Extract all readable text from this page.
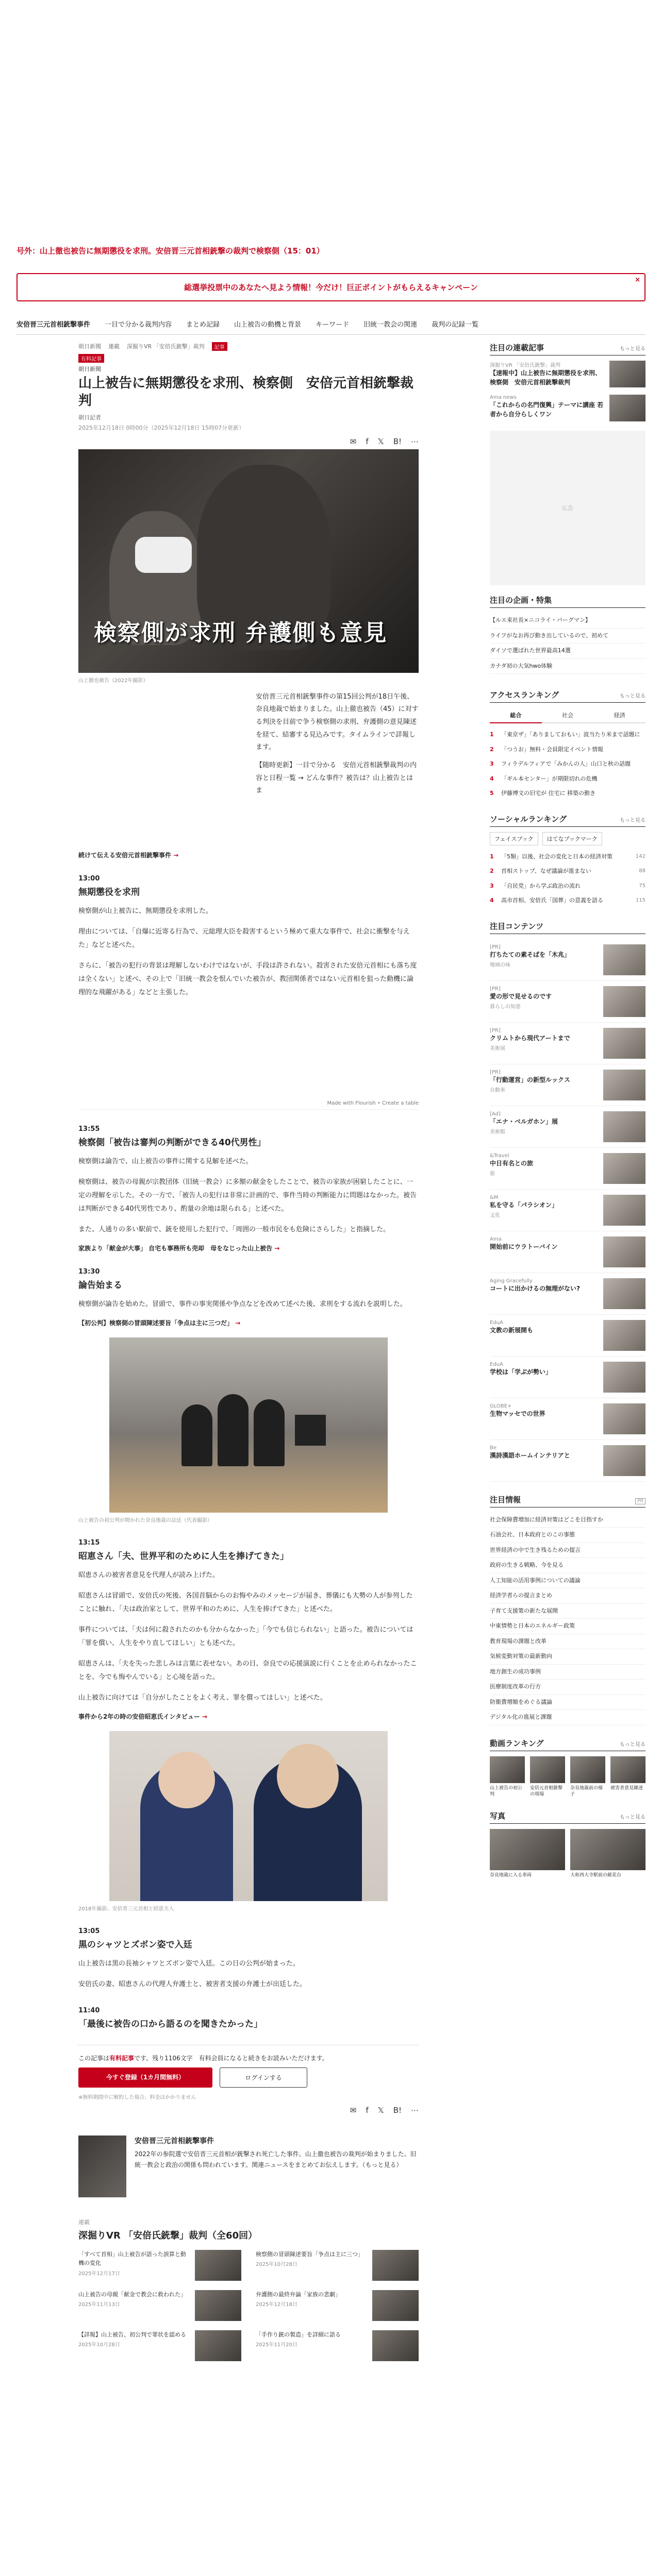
号外：山上徹也被告に無期懲役を求刑。安倍晋三元首相銃撃の裁判で検察側（15：01）
総選挙投票中のあなたへ見よう情報！今だけ！巨正ポイントがもらえるキャンペーン
×
安倍晋三元首相銃撃事件 一目で分かる裁判内容 まとめ記録 山上被告の動機と背景 キーワード 旧統一教会の関連 裁判の記録一覧
朝日新聞 連載 深掘りVR 「安倍氏銃撃」裁判	記事
有料記事
朝日新聞
山上被告に無期懲役を求刑、検察側　安倍元首相銃撃裁判
朝日記者
2025年12月18日 0時00分（2025年12月18日 15時07分更新）
✉ f 𝕏 B! ⋯
検察側が求刑 弁護側も意見
山上徹也被告（2022年撮影）

安倍晋三元首相銃撃事件の第15回公判が18日午後、奈良地裁で始まりました。山上徹也被告（45）に対する判決を目前で争う検察側の求刑、弁護側の意見陳述を経て、結審する見込みです。タイムラインで詳報します。

【随時更新】一目で分かる　安倍元首相銃撃裁判の内容と日程一覧 → どんな事件？被告は？山上被告とは　ま

続けて伝える安倍元首相銃撃事件 →
13:00
無期懲役を求刑

検察側が山上被告に、無期懲役を求刑した。

理由については、「自爆に近寄る行為で、元総理大臣を殺害するという極めて重大な事件で、社会に衝撃を与えた」などと述べた。

さらに、「被告の犯行の背景は理解しないわけではないが、手段は許されない。殺害された安倍元首相にも落ち度は全くない」と述べ、その上で「旧統一教会を恨んでいた被告が、教団関係者ではない元首相を狙った動機に論理的な飛躍がある」などと主張した。

Made with Flourish • Create a table
13:55
検察側「被告は審判の判断ができる40代男性」

検察側は論告で、山上被告の事件に関する見解を述べた。

検察側は、被告の母親が宗教団体（旧統一教会）に多額の献金をしたことで、被告の家族が困窮したことに、一定の理解を示した。その一方で、「被告人の犯行は非常に計画的で、事件当時の判断能力に問題はなかった。被告は判断ができる40代男性であり、酌量の余地は限られる」と述べた。

また、人通りの多い駅前で、銃を使用した犯行で、「周囲の一般市民をも危険にさらした」と指摘した。

家族より「献金が大事」 自宅も事務所も売却　母をなじった山上被告 →
13:30
論告始まる

検察側が論告を始めた。冒頭で、事件の事実関係や争点などを改めて述べた後、求刑をする流れを説明した。

【初公判】検察側の冒頭陳述要旨「争点は主に三つだ」 →
山上被告の初公判が開かれた奈良地裁の法廷（代表撮影）
13:15
昭恵さん「夫、世界平和のために人生を捧げてきた」

昭恵さんの被害者意見を代理人が読み上げた。

昭恵さんは冒頭で、安倍氏の死後、各国首脳からのお悔やみのメッセージが届き、葬儀にも大勢の人が参列したことに触れ、「夫は政治家として、世界平和のために、人生を捧げてきた」と述べた。

事件については、「夫は何に殺されたのかも分からなかった」「今でも信じられない」と語った。被告については「罪を償い、人生をやり直してほしい」とも述べた。

昭恵さんは、「夫を失った悲しみは言葉に表せない。あの日、奈良での応援演説に行くことを止められなかったことを、今でも悔やんでいる」と心境を語った。

山上被告に向けては「自分がしたことをよく考え、罪を償ってほしい」と述べた。

事件から2年の時の安倍昭恵氏インタビュー →
2018年撮影、安倍晋三元首相と昭恵夫人
13:05
黒のシャツとズボン姿で入廷

山上被告は黒の長袖シャツとズボン姿で入廷。この日の公判が始まった。

安倍氏の妻、昭恵さんの代理人弁護士と、被害者支援の弁護士が出廷した。

11:40
「最後に被告の口から語るのを聞きたかった」
この記事は有料記事です。残り1106文字　有料会員になると続きをお読みいただけます。
今すぐ登録（1カ月間無料）	ログインする
※無料期間中に解約した場合、料金はかかりません
✉ f 𝕏 B! ⋯
安倍晋三元首相銃撃事件
2022年の参院選で安倍晋三元首相が銃撃され死亡した事件。山上徹也被告の裁判が始まりました。旧統一教会と政治の関係も問われています。関連ニュースをまとめてお伝えします。（もっと見る）
連載
深掘りVR 「安倍氏銃撃」裁判（全60回）
「すべて首相」山上被告が語った誤算と動機の変化
2025年12月17日
検察側の冒頭陳述要旨「争点は主に三つ」
2025年10月28日
山上被告の母親「献金で教会に救われた」
2025年11月13日
弁護側の最終弁論「家族の悲劇」
2025年12月18日
【詳報】山上被告、初公判で罪状を認める
2025年10月28日
「手作り銃の製造」を詳細に語る
2025年11月20日
注目の連載記事	もっと見る
深掘りVR 「安倍氏銃撃」裁判
【速報中】山上被告に無期懲役を求刑、検察側　安倍元首相銃撃裁判
Ama news
「これからの名門復興」テーマに講座 若者から自分らしくワン
広告
注目の企画・特集
【ルエ来社長×ニコライ・バーグマン】
ライフがなお再び動き出しているので、初めて
ダイソで選ばれた世界最高14選
カナダ初の大気hwo体験
アクセスランキング	もっと見る
総合	社会	経済
1	「東京ザ」「ありましておもい」波当たり米まで話題に
2	「つうお」無料・会員限定イベント情報
3	フィラデルフィアで「みかんの人」山口と秋の話題
4	「ギル本センター」が期限切れの危機
5	伊藤博文の旧宅が 住宅に 移築の動き
ソーシャルランキング	もっと見る
フェイスブック	はてなブックマーク
1	「5類」以後、社会の変化と日本の経済対策	142
2	首相ストップ、なぜ議論が進まない	88
3	「自民党」から学ぶ政治の流れ	75
4	高市首相、安倍氏「国葬」の意義を語る	115
注目コンテンツ
[PR]
打ちたての素そばを「木兆」
地域の味
[PR]
愛の形で見せるのです
暮らしの知恵
[PR]
クリムトから現代アートまで
美術展
[PR]
「行動運営」の新型ルックス
自動車
[Ad]
「エナ・ベルガホン」展
美術館
&Travel
中日有名との旅
旅
&M
私を守る「パラシオン」
文化
Ama
開始前にウラトーバイン
Aging Gracefully
コートに出かけるの無理がない?
EduA
文教の新展開も
EduA
学校は「学ぶが勢い」
GLOBE+
生物マッセでの世界
Be
漢詩漢語ホームインテリアと
注目情報	PR
社会保障費増加に経済対策はどこを目指すか
石油会社、日本政府とのこの事態
世界経済の中で生き残るための提言
政府の生きる戦略、今を見る
人工知能の活用事例についての議論
経済学者らの提言まとめ
子育て支援策の新たな展開
中東情勢と日本のエネルギー政策
教育現場の課題と改革
気候変動対策の最新動向
地方創生の成功事例
医療制度改革の行方
防衛費増額をめぐる議論
デジタル化の進展と課題
動画ランキング	もっと見る
山上被告の初公判
安倍元首相銃撃の現場
奈良地裁前の様子
被害者意見陳述
写真	もっと見る
奈良地裁に入る車両	大和西大寺駅前の献花台
